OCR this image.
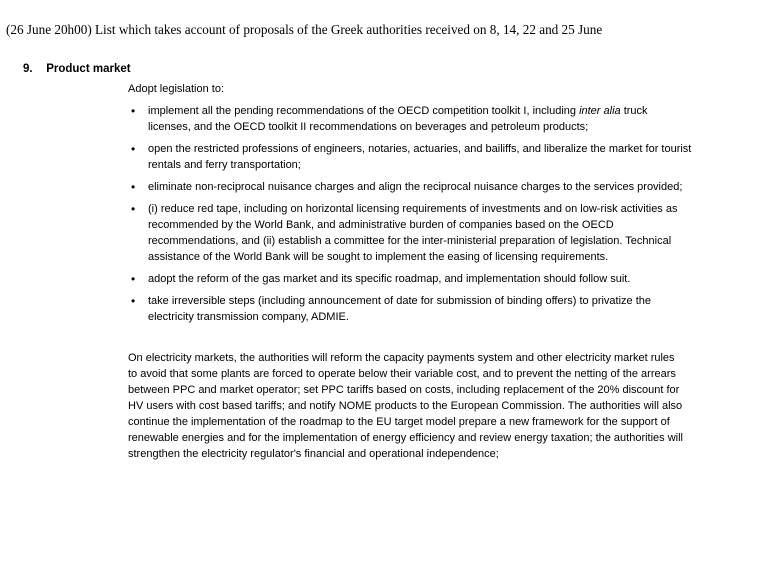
(26 June 20h00) List which takes account of proposals of the Greek authorities received on 8, 14, 22 and 25 June
9. Product market
Adopt legislation to:
• implement all the pending recommendations of the OECD competition toolkit I, including inter alia truck licenses, and the OECD toolkit II recommendations on beverages and petroleum products;
• open the restricted professions of engineers, notaries, actuaries, and bailiffs, and liberalize the market for tourist rentals and ferry transportation;
• eliminate non-reciprocal nuisance charges and align the reciprocal nuisance charges to the services provided;
• (i) reduce red tape, including on horizontal licensing requirements of investments and on low-risk activities as recommended by the World Bank, and administrative burden of companies based on the OECD recommendations, and (ii) establish a committee for the inter-ministerial preparation of legislation. Technical assistance of the World Bank will be sought to implement the easing of licensing requirements.
• adopt the reform of the gas market and its specific roadmap, and implementation should follow suit.
• take irreversible steps (including announcement of date for submission of binding offers) to privatize the electricity transmission company, ADMIE.
On electricity markets, the authorities will reform the capacity payments system and other electricity market rules to avoid that some plants are forced to operate below their variable cost, and to prevent the netting of the arrears between PPC and market operator; set PPC tariffs based on costs, including replacement of the 20% discount for HV users with cost based tariffs; and notify NOME products to the European Commission. The authorities will also continue the implementation of the roadmap to the EU target model prepare a new framework for the support of renewable energies and for the implementation of energy efficiency and review energy taxation; the authorities will strengthen the electricity regulator's financial and operational independence;
